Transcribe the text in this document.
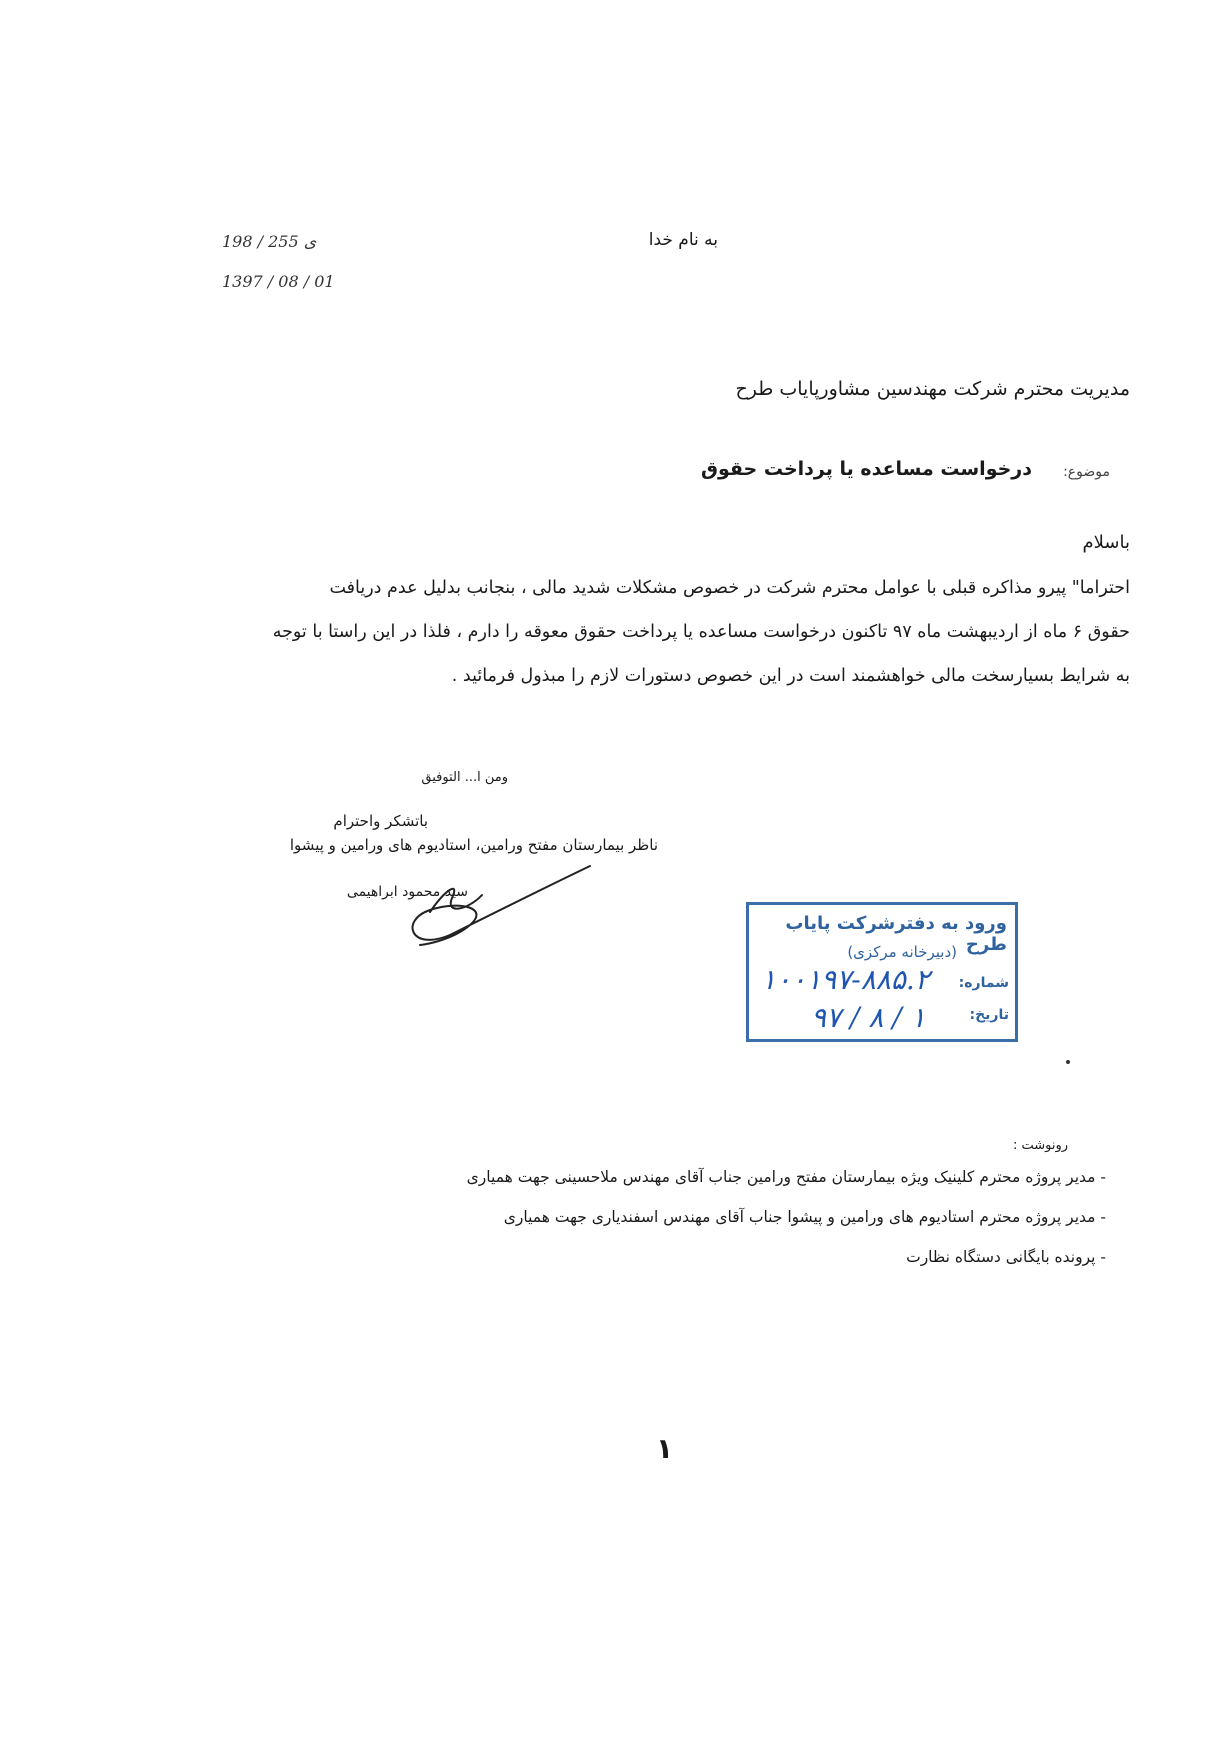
198 / ی 255
1397 / 08 / 01
به نام خدا
مدیریت محترم شرکت مهندسین مشاورپایاب طرح
موضوع:
درخواست مساعده یا پرداخت حقوق
باسلام
احتراما" پیرو مذاکره قبلی با عوامل محترم شرکت در خصوص مشکلات شدید مالی ، بنجانب بدلیل عدم دریافت
حقوق ۶ ماه از اردیبهشت ماه ۹۷ تاکنون درخواست مساعده یا پرداخت حقوق معوقه را دارم ، فلذا در این راستا با توجه
به شرایط بسیارسخت مالی خواهشمند است در این خصوص دستورات لازم را مبذول فرمائید .
ومن ا... التوفیق
باتشکر واحترام
ناظر بیمارستان مفتح ورامین، استادیوم های ورامین و پیشوا
سید محمود ابراهیمی
ورود به دفترشرکت پایاب طرح
(دبیرخانه مرکزی)
شماره:
۱۰۰۱۹۷-۸۸۵.۲
تاریخ:
۹۷ / ۸ / ۱
رونوشت :
- مدیر پروژه محترم کلینیک ویژه بیمارستان مفتح ورامین جناب آقای مهندس ملاحسینی جهت همیاری
- مدیر پروژه محترم استادیوم های ورامین و پیشوا جناب آقای مهندس اسفندیاری جهت همیاری
- پرونده بایگانی دستگاه نظارت
۱
